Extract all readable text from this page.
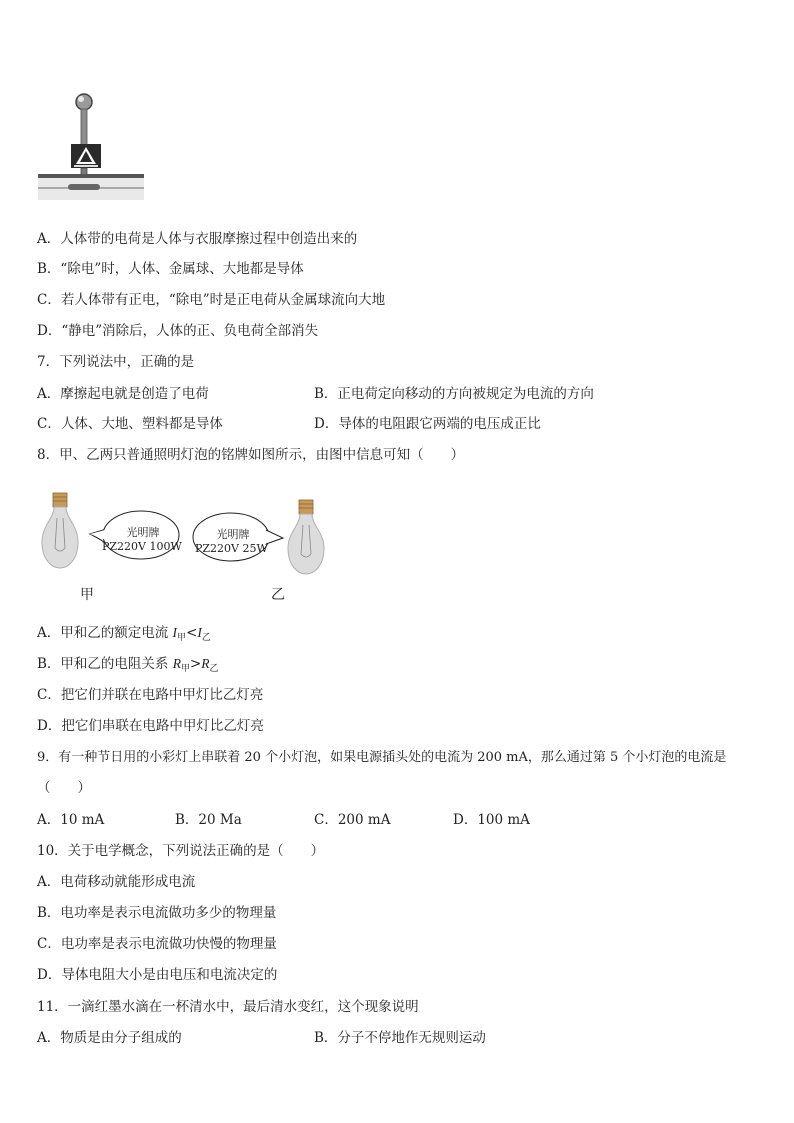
A．人体带的电荷是人体与衣服摩擦过程中创造出来的
B．“除电”时，人体、金属球、大地都是导体
C．若人体带有正电，“除电”时是正电荷从金属球流向大地
D．“静电”消除后，人体的正、负电荷全部消失
7．下列说法中，正确的是
A．摩擦起电就是创造了电荷	B．正电荷定向移动的方向被规定为电流的方向
C．人体、大地、塑料都是导体	D．导体的电阻跟它两端的电压成正比
8．甲、乙两只普通照明灯泡的铭牌如图所示，由图中信息可知（　　）
光明牌
PZ220V 100W
光明牌
PZ220V 25W
甲	乙
A．甲和乙的额定电流 $I_甲<I_乙$
B．甲和乙的电阻关系 $R_甲>R_乙$
C．把它们并联在电路中甲灯比乙灯亮
D．把它们串联在电路中甲灯比乙灯亮
9．有一种节日用的小彩灯上串联着 20 个小灯泡，如果电源插头处的电流为 200 mA，那么通过第 5 个小灯泡的电流是
（　　）
A．10 mA	B．20 Ma	C．200 mA	D．100 mA
10．关于电学概念，下列说法正确的是（　　）
A．电荷移动就能形成电流
B．电功率是表示电流做功多少的物理量
C．电功率是表示电流做功快慢的物理量
D．导体电阻大小是由电压和电流决定的
11．一滴红墨水滴在一杯清水中，最后清水变红，这个现象说明
A．物质是由分子组成的	B．分子不停地作无规则运动
